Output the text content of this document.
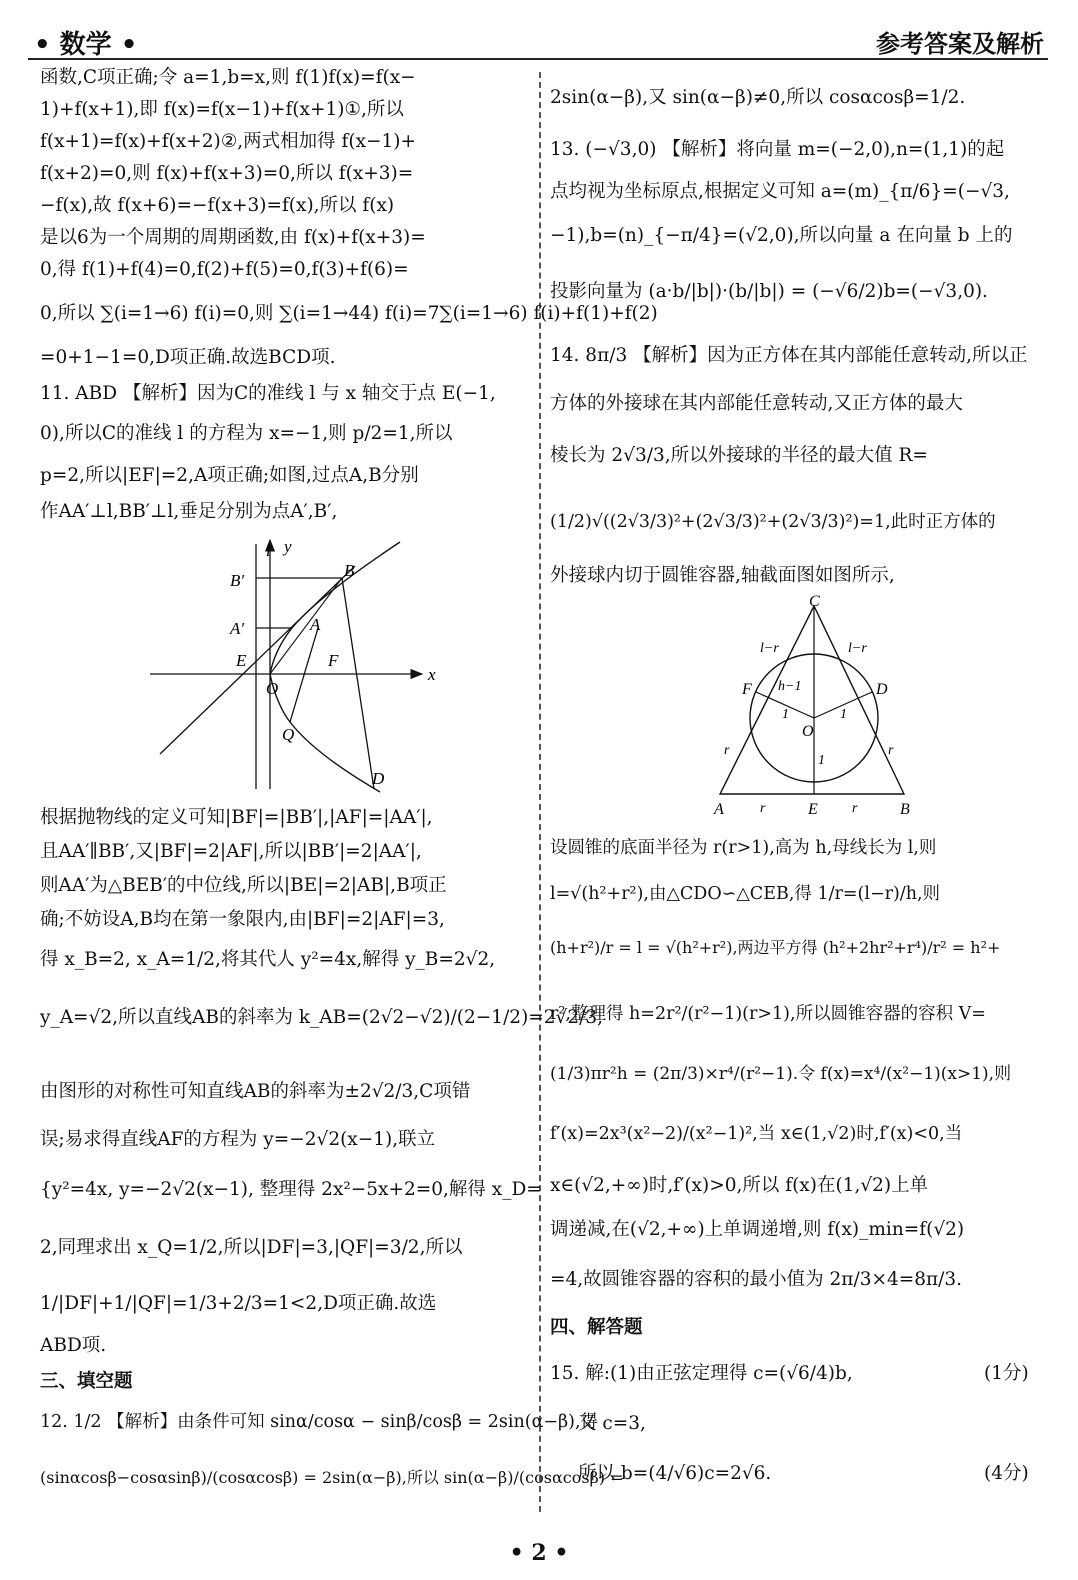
• 数学 •	参考答案及解析
函数,C项正确;令 a=1,b=x,则 f(1)f(x)=f(x−
1)+f(x+1),即 f(x)=f(x−1)+f(x+1)①,所以
f(x+1)=f(x)+f(x+2)②,两式相加得 f(x−1)+
f(x+2)=0,则 f(x)+f(x+3)=0,所以 f(x+3)=
−f(x),故 f(x+6)=−f(x+3)=f(x),所以 f(x)
是以6为一个周期的周期函数,由 f(x)+f(x+3)=
0,得 f(1)+f(4)=0,f(2)+f(5)=0,f(3)+f(6)=
0,所以 ∑(i=1→6) f(i)=0,则 ∑(i=1→44) f(i)=7∑(i=1→6) f(i)+f(1)+f(2)
=0+1−1=0,D项正确.故选BCD项.
11. ABD 【解析】因为C的准线 l 与 x 轴交于点 E(−1,
0),所以C的准线 l 的方程为 x=−1,则 p/2=1,所以
p=2,所以|EF|=2,A项正确;如图,过点A,B分别
作AA′⊥l,BB′⊥l,垂足分别为点A′,B′,
l y
x
B′
A′
E
O
F
A
B
Q
D
根据抛物线的定义可知|BF|=|BB′|,|AF|=|AA′|,
且AA′∥BB′,又|BF|=2|AF|,所以|BB′|=2|AA′|,
则AA′为△BEB′的中位线,所以|BE|=2|AB|,B项正
确;不妨设A,B均在第一象限内,由|BF|=2|AF|=3,
得 x_B=2, x_A=1/2,将其代人 y²=4x,解得 y_B=2√2,
y_A=√2,所以直线AB的斜率为 k_AB=(2√2−√2)/(2−1/2)=2√2/3,
由图形的对称性可知直线AB的斜率为±2√2/3,C项错
误;易求得直线AF的方程为 y=−2√2(x−1),联立
{y²=4x, y=−2√2(x−1), 整理得 2x²−5x+2=0,解得 x_D=
2,同理求出 x_Q=1/2,所以|DF|=3,|QF|=3/2,所以
1/|DF|+1/|QF|=1/3+2/3=1<2,D项正确.故选
ABD项.
三、填空题
12. 1/2 【解析】由条件可知 sinα/cosα − sinβ/cosβ = 2sin(α−β),得
(sinαcosβ−cosαsinβ)/(cosαcosβ) = 2sin(α−β),所以 sin(α−β)/(cosαcosβ) =
2sin(α−β),又 sin(α−β)≠0,所以 cosαcosβ=1/2.
13. (−√3,0) 【解析】将向量 m=(−2,0),n=(1,1)的起
点均视为坐标原点,根据定义可知 a=(m)_{π/6}=(−√3,
−1),b=(n)_{−π/4}=(√2,0),所以向量 a 在向量 b 上的
投影向量为 (a·b/|b|)·(b/|b|) = (−√6/2)b=(−√3,0).
14. 8π/3 【解析】因为正方体在其内部能任意转动,所以正
方体的外接球在其内部能任意转动,又正方体的最大
棱长为 2√3/3,所以外接球的半径的最大值 R=
(1/2)√((2√3/3)²+(2√3/3)²+(2√3/3)²)=1,此时正方体的
外接球内切于圆锥容器,轴截面图如图所示,
C
F	D
O
A	E	B
l−r	l−r
h−1
1	1
1
r	r
r	r
设圆锥的底面半径为 r(r>1),高为 h,母线长为 l,则
l=√(h²+r²),由△CDO∽△CEB,得 1/r=(l−r)/h,则
(h+r²)/r = l = √(h²+r²),两边平方得 (h²+2hr²+r⁴)/r² = h²+
r²,整理得 h=2r²/(r²−1)(r>1),所以圆锥容器的容积 V=
(1/3)πr²h = (2π/3)×r⁴/(r²−1).令 f(x)=x⁴/(x²−1)(x>1),则
f′(x)=2x³(x²−2)/(x²−1)²,当 x∈(1,√2)时,f′(x)<0,当
x∈(√2,+∞)时,f′(x)>0,所以 f(x)在(1,√2)上单
调递减,在(√2,+∞)上单调递增,则 f(x)_min=f(√2)
=4,故圆锥容器的容积的最小值为 2π/3×4=8π/3.
四、解答题
15. 解:(1)由正弦定理得 c=(√6/4)b,	(1分)
又 c=3,
所以 b=(4/√6)c=2√6.	(4分)
• 2 •
